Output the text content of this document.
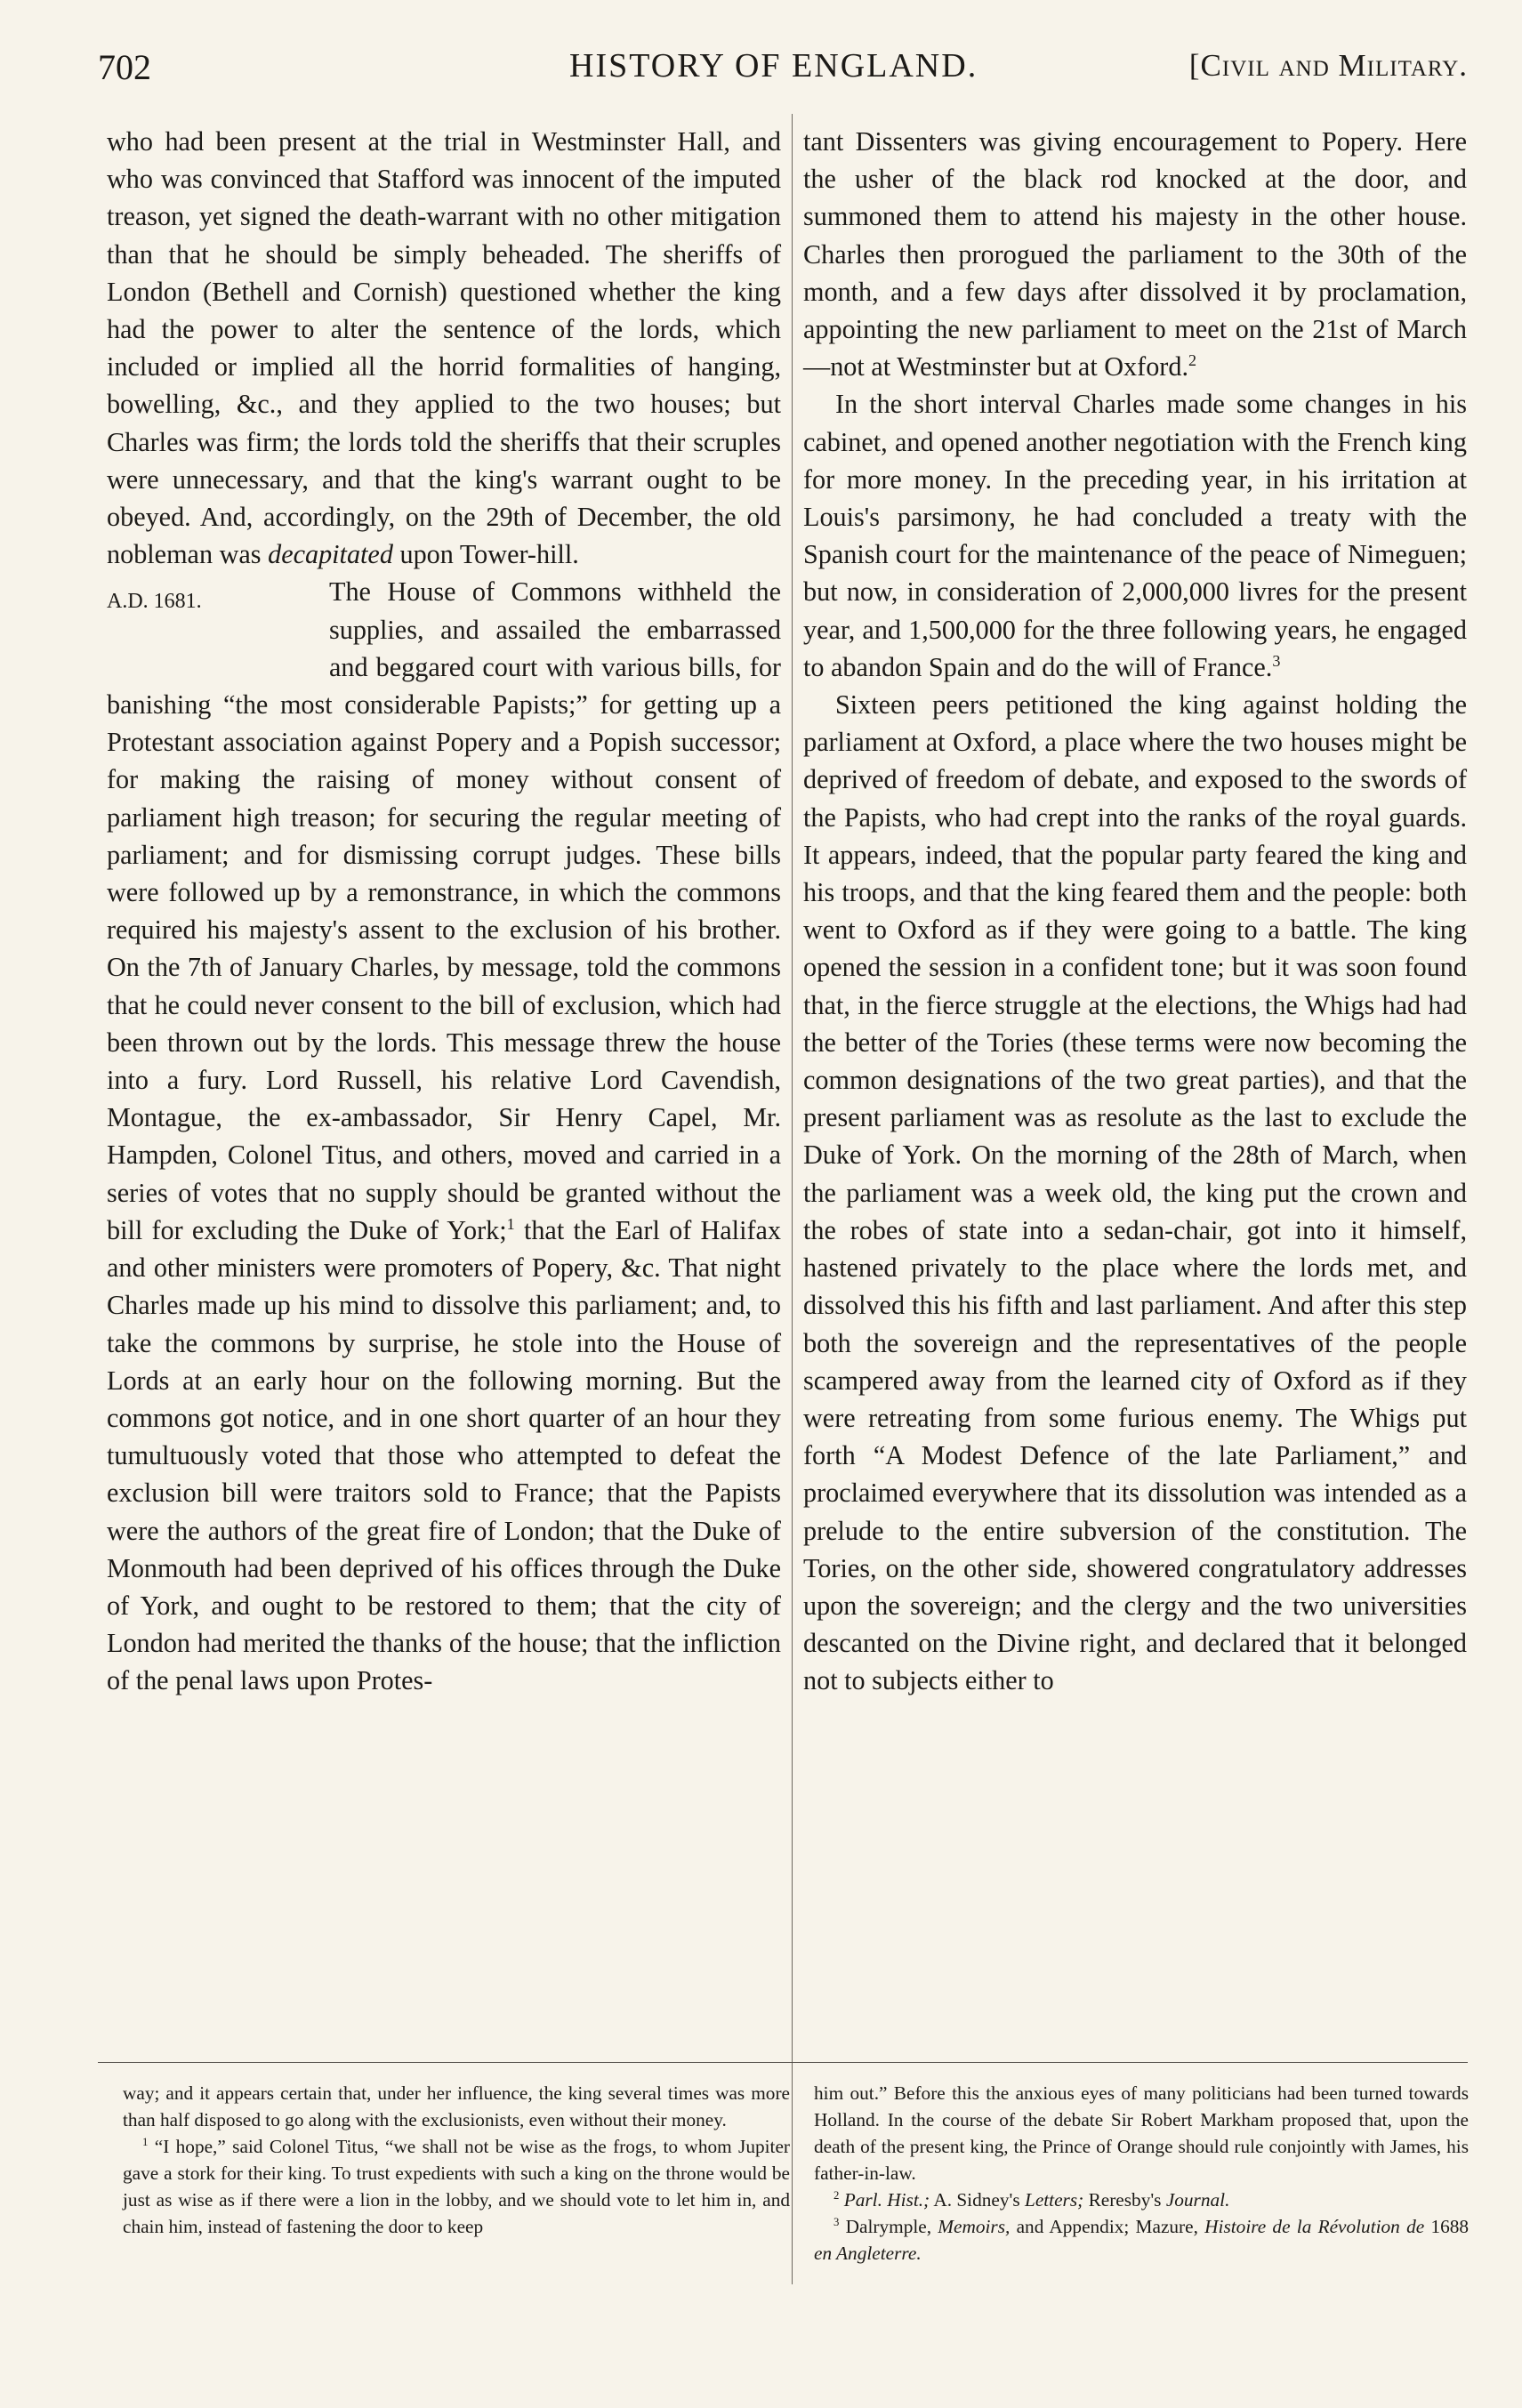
702	HISTORY OF ENGLAND.	[Civil and Military.

who had been present at the trial in Westminster Hall, and who was convinced that Stafford was innocent of the imputed treason, yet signed the death-warrant with no other mitigation than that he should be simply beheaded. The sheriffs of London (Bethell and Cornish) questioned whether the king had the power to alter the sentence of the lords, which included or implied all the horrid formalities of hanging, bowelling, &c., and they applied to the two houses; but Charles was firm; the lords told the sheriffs that their scruples were unnecessary, and that the king's warrant ought to be obeyed. And, accordingly, on the 29th of December, the old nobleman was decapitated upon Tower-hill.

A.D. 1681.	The House of Commons withheld the supplies, and assailed the embarrassed and beggared court with various bills, for banishing “the most considerable Papists;” for getting up a Protestant association against Popery and a Popish successor; for making the raising of money without consent of parliament high treason; for securing the regular meeting of parliament; and for dismissing corrupt judges. These bills were followed up by a remonstrance, in which the commons required his majesty's assent to the exclusion of his brother. On the 7th of January Charles, by message, told the commons that he could never consent to the bill of exclusion, which had been thrown out by the lords. This message threw the house into a fury. Lord Russell, his relative Lord Cavendish, Montague, the ex-ambassador, Sir Henry Capel, Mr. Hampden, Colonel Titus, and others, moved and carried in a series of votes that no supply should be granted without the bill for excluding the Duke of York;$^1$ that the Earl of Halifax and other ministers were promoters of Popery, &c. That night Charles made up his mind to dissolve this parliament; and, to take the commons by surprise, he stole into the House of Lords at an early hour on the following morning. But the commons got notice, and in one short quarter of an hour they tumultuously voted that those who attempted to defeat the exclusion bill were traitors sold to France; that the Papists were the authors of the great fire of London; that the Duke of Monmouth had been deprived of his offices through the Duke of York, and ought to be restored to them; that the city of London had merited the thanks of the house; that the infliction of the penal laws upon Protes-

tant Dissenters was giving encouragement to Popery. Here the usher of the black rod knocked at the door, and summoned them to attend his majesty in the other house. Charles then prorogued the parliament to the 30th of the month, and a few days after dissolved it by proclamation, appointing the new parliament to meet on the 21st of March—not at Westminster but at Oxford.$^2$

In the short interval Charles made some changes in his cabinet, and opened another negotiation with the French king for more money. In the preceding year, in his irritation at Louis's parsimony, he had concluded a treaty with the Spanish court for the maintenance of the peace of Nimeguen; but now, in consideration of 2,000,000 livres for the present year, and 1,500,000 for the three following years, he engaged to abandon Spain and do the will of France.$^3$

Sixteen peers petitioned the king against holding the parliament at Oxford, a place where the two houses might be deprived of freedom of debate, and exposed to the swords of the Papists, who had crept into the ranks of the royal guards. It appears, indeed, that the popular party feared the king and his troops, and that the king feared them and the people: both went to Oxford as if they were going to a battle. The king opened the session in a confident tone; but it was soon found that, in the fierce struggle at the elections, the Whigs had had the better of the Tories (these terms were now becoming the common designations of the two great parties), and that the present parliament was as resolute as the last to exclude the Duke of York. On the morning of the 28th of March, when the parliament was a week old, the king put the crown and the robes of state into a sedan-chair, got into it himself, hastened privately to the place where the lords met, and dissolved this his fifth and last parliament. And after this step both the sovereign and the representatives of the people scampered away from the learned city of Oxford as if they were retreating from some furious enemy. The Whigs put forth “A Modest Defence of the late Parliament,” and proclaimed everywhere that its dissolution was intended as a prelude to the entire subversion of the constitution. The Tories, on the other side, showered congratulatory addresses upon the sovereign; and the clergy and the two universities descanted on the Divine right, and declared that it belonged not to subjects either to

way; and it appears certain that, under her influence, the king several times was more than half disposed to go along with the exclusionists, even without their money.

$^1$ “I hope,” said Colonel Titus, “we shall not be wise as the frogs, to whom Jupiter gave a stork for their king. To trust expedients with such a king on the throne would be just as wise as if there were a lion in the lobby, and we should vote to let him in, and chain him, instead of fastening the door to keep

him out.” Before this the anxious eyes of many politicians had been turned towards Holland. In the course of the debate Sir Robert Markham proposed that, upon the death of the present king, the Prince of Orange should rule conjointly with James, his father-in-law.

$^2$ Parl. Hist.; A. Sidney's Letters; Reresby's Journal.

$^3$ Dalrymple, Memoirs, and Appendix; Mazure, Histoire de la Révolution de 1688 en Angleterre.
